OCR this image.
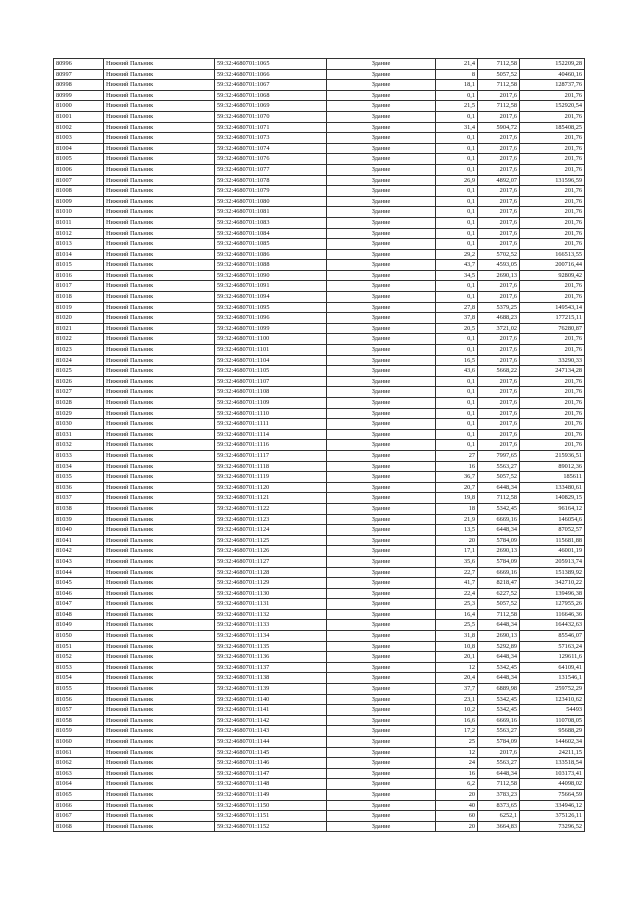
80996	Нижний Пальник	59:32:4680701:1065	Здание	21,4	7112,58	152209,28
80997	Нижний Пальник	59:32:4680701:1066	Здание	8	5057,52	40460,16
80998	Нижний Пальник	59:32:4680701:1067	Здание	18,1	7112,58	128737,76
80999	Нижний Пальник	59:32:4680701:1068	Здание	0,1	2017,6	201,76
81000	Нижний Пальник	59:32:4680701:1069	Здание	21,5	7112,58	152920,54
81001	Нижний Пальник	59:32:4680701:1070	Здание	0,1	2017,6	201,76
81002	Нижний Пальник	59:32:4680701:1071	Здание	31,4	5904,72	185408,25
81003	Нижний Пальник	59:32:4680701:1073	Здание	0,1	2017,6	201,76
81004	Нижний Пальник	59:32:4680701:1074	Здание	0,1	2017,6	201,76
81005	Нижний Пальник	59:32:4680701:1076	Здание	0,1	2017,6	201,76
81006	Нижний Пальник	59:32:4680701:1077	Здание	0,1	2017,6	201,76
81007	Нижний Пальник	59:32:4680701:1078	Здание	26,9	4892,07	131596,59
81008	Нижний Пальник	59:32:4680701:1079	Здание	0,1	2017,6	201,76
81009	Нижний Пальник	59:32:4680701:1080	Здание	0,1	2017,6	201,76
81010	Нижний Пальник	59:32:4680701:1081	Здание	0,1	2017,6	201,76
81011	Нижний Пальник	59:32:4680701:1083	Здание	0,1	2017,6	201,76
81012	Нижний Пальник	59:32:4680701:1084	Здание	0,1	2017,6	201,76
81013	Нижний Пальник	59:32:4680701:1085	Здание	0,1	2017,6	201,76
81014	Нижний Пальник	59:32:4680701:1086	Здание	29,2	5702,52	166513,55
81015	Нижний Пальник	59:32:4680701:1088	Здание	43,7	4593,05	200716,44
81016	Нижний Пальник	59:32:4680701:1090	Здание	34,5	2690,13	92809,42
81017	Нижний Пальник	59:32:4680701:1091	Здание	0,1	2017,6	201,76
81018	Нижний Пальник	59:32:4680701:1094	Здание	0,1	2017,6	201,76
81019	Нижний Пальник	59:32:4680701:1095	Здание	27,8	5379,25	149543,14
81020	Нижний Пальник	59:32:4680701:1096	Здание	37,8	4688,23	177215,11
81021	Нижний Пальник	59:32:4680701:1099	Здание	20,5	3721,02	76280,87
81022	Нижний Пальник	59:32:4680701:1100	Здание	0,1	2017,6	201,76
81023	Нижний Пальник	59:32:4680701:1101	Здание	0,1	2017,6	201,76
81024	Нижний Пальник	59:32:4680701:1104	Здание	16,5	2017,6	33290,33
81025	Нижний Пальник	59:32:4680701:1105	Здание	43,6	5668,22	247134,28
81026	Нижний Пальник	59:32:4680701:1107	Здание	0,1	2017,6	201,76
81027	Нижний Пальник	59:32:4680701:1108	Здание	0,1	2017,6	201,76
81028	Нижний Пальник	59:32:4680701:1109	Здание	0,1	2017,6	201,76
81029	Нижний Пальник	59:32:4680701:1110	Здание	0,1	2017,6	201,76
81030	Нижний Пальник	59:32:4680701:1111	Здание	0,1	2017,6	201,76
81031	Нижний Пальник	59:32:4680701:1114	Здание	0,1	2017,6	201,76
81032	Нижний Пальник	59:32:4680701:1116	Здание	0,1	2017,6	201,76
81033	Нижний Пальник	59:32:4680701:1117	Здание	27	7997,65	215936,51
81034	Нижний Пальник	59:32:4680701:1118	Здание	16	5563,27	89012,36
81035	Нижний Пальник	59:32:4680701:1119	Здание	36,7	5057,52	185611
81036	Нижний Пальник	59:32:4680701:1120	Здание	20,7	6448,34	133480,61
81037	Нижний Пальник	59:32:4680701:1121	Здание	19,8	7112,58	140829,15
81038	Нижний Пальник	59:32:4680701:1122	Здание	18	5342,45	96164,12
81039	Нижний Пальник	59:32:4680701:1123	Здание	21,9	6669,16	146054,6
81040	Нижний Пальник	59:32:4680701:1124	Здание	13,5	6448,34	87052,57
81041	Нижний Пальник	59:32:4680701:1125	Здание	20	5784,09	115681,88
81042	Нижний Пальник	59:32:4680701:1126	Здание	17,1	2690,13	46001,19
81043	Нижний Пальник	59:32:4680701:1127	Здание	35,6	5784,09	205913,74
81044	Нижний Пальник	59:32:4680701:1128	Здание	22,7	6669,16	151389,92
81045	Нижний Пальник	59:32:4680701:1129	Здание	41,7	8218,47	342710,22
81046	Нижний Пальник	59:32:4680701:1130	Здание	22,4	6227,52	139496,38
81047	Нижний Пальник	59:32:4680701:1131	Здание	25,3	5057,52	127955,26
81048	Нижний Пальник	59:32:4680701:1132	Здание	16,4	7112,58	116646,36
81049	Нижний Пальник	59:32:4680701:1133	Здание	25,5	6448,34	164432,63
81050	Нижний Пальник	59:32:4680701:1134	Здание	31,8	2690,13	85546,07
81051	Нижний Пальник	59:32:4680701:1135	Здание	10,8	5292,89	57163,24
81052	Нижний Пальник	59:32:4680701:1136	Здание	20,1	6448,34	129611,6
81053	Нижний Пальник	59:32:4680701:1137	Здание	12	5342,45	64109,41
81054	Нижний Пальник	59:32:4680701:1138	Здание	20,4	6448,34	131546,1
81055	Нижний Пальник	59:32:4680701:1139	Здание	37,7	6889,98	259752,29
81056	Нижний Пальник	59:32:4680701:1140	Здание	23,1	5342,45	123410,62
81057	Нижний Пальник	59:32:4680701:1141	Здание	10,2	5342,45	54493
81058	Нижний Пальник	59:32:4680701:1142	Здание	16,6	6669,16	110708,05
81059	Нижний Пальник	59:32:4680701:1143	Здание	17,2	5563,27	95688,29
81060	Нижний Пальник	59:32:4680701:1144	Здание	25	5784,09	144602,34
81061	Нижний Пальник	59:32:4680701:1145	Здание	12	2017,6	24211,15
81062	Нижний Пальник	59:32:4680701:1146	Здание	24	5563,27	133518,54
81063	Нижний Пальник	59:32:4680701:1147	Здание	16	6448,34	103173,41
81064	Нижний Пальник	59:32:4680701:1148	Здание	6,2	7112,58	44098,02
81065	Нижний Пальник	59:32:4680701:1149	Здание	20	3783,23	75664,59
81066	Нижний Пальник	59:32:4680701:1150	Здание	40	8373,65	334946,12
81067	Нижний Пальник	59:32:4680701:1151	Здание	60	6252,1	375126,11
81068	Нижний Пальник	59:32:4680701:1152	Здание	20	3664,83	73296,52
